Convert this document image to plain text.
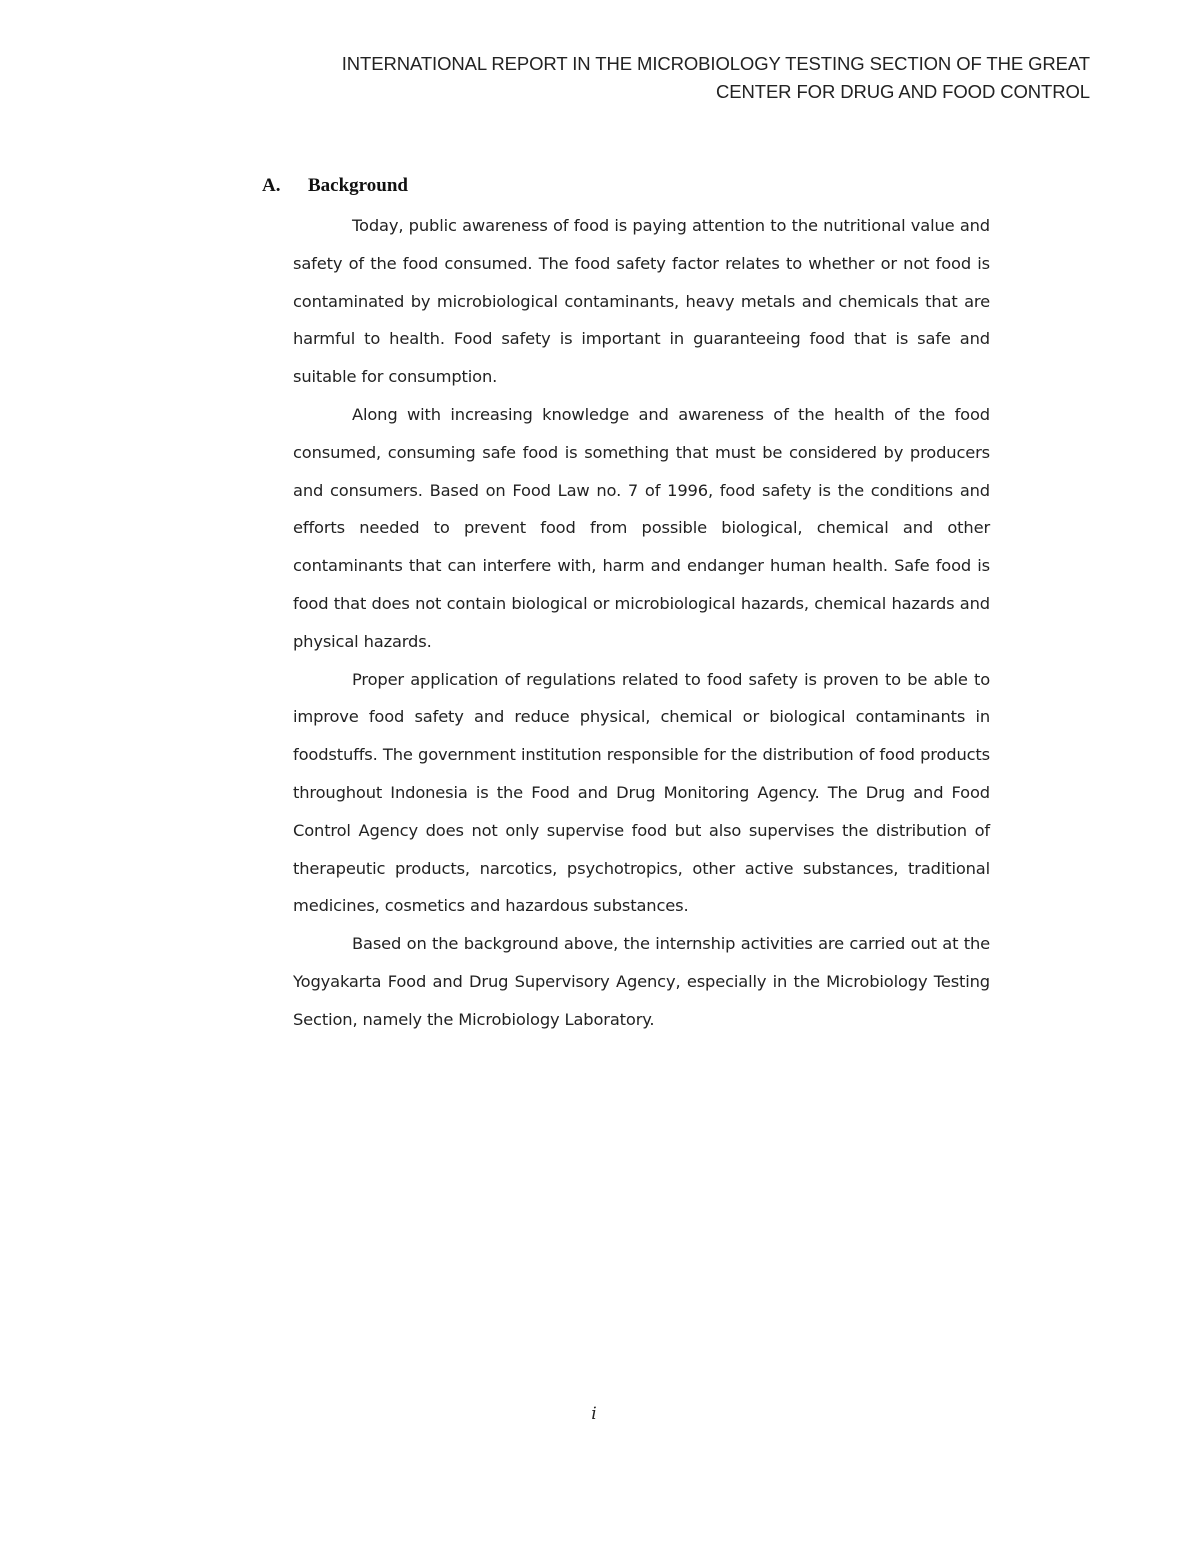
INTERNATIONAL REPORT IN THE MICROBIOLOGY TESTING SECTION OF THE GREAT
CENTER FOR DRUG AND FOOD CONTROL
A. Background

Today, public awareness of food is paying attention to the nutritional value and safety of the food consumed. The food safety factor relates to whether or not food is contaminated by microbiological contaminants, heavy metals and chemicals that are harmful to health. Food safety is important in guaranteeing food that is safe and suitable for consumption.

Along with increasing knowledge and awareness of the health of the food consumed, consuming safe food is something that must be considered by producers and consumers. Based on Food Law no. 7 of 1996, food safety is the conditions and efforts needed to prevent food from possible biological, chemical and other contaminants that can interfere with, harm and endanger human health. Safe food is food that does not contain biological or microbiological hazards, chemical hazards and physical hazards.

Proper application of regulations related to food safety is proven to be able to improve food safety and reduce physical, chemical or biological contaminants in foodstuffs. The government institution responsible for the distribution of food products throughout Indonesia is the Food and Drug Monitoring Agency. The Drug and Food Control Agency does not only supervise food but also supervises the distribution of therapeutic products, narcotics, psychotropics, other active substances, traditional medicines, cosmetics and hazardous substances.

Based on the background above, the internship activities are carried out at the Yogyakarta Food and Drug Supervisory Agency, especially in the Microbiology Testing Section, namely the Microbiology Laboratory.

i
